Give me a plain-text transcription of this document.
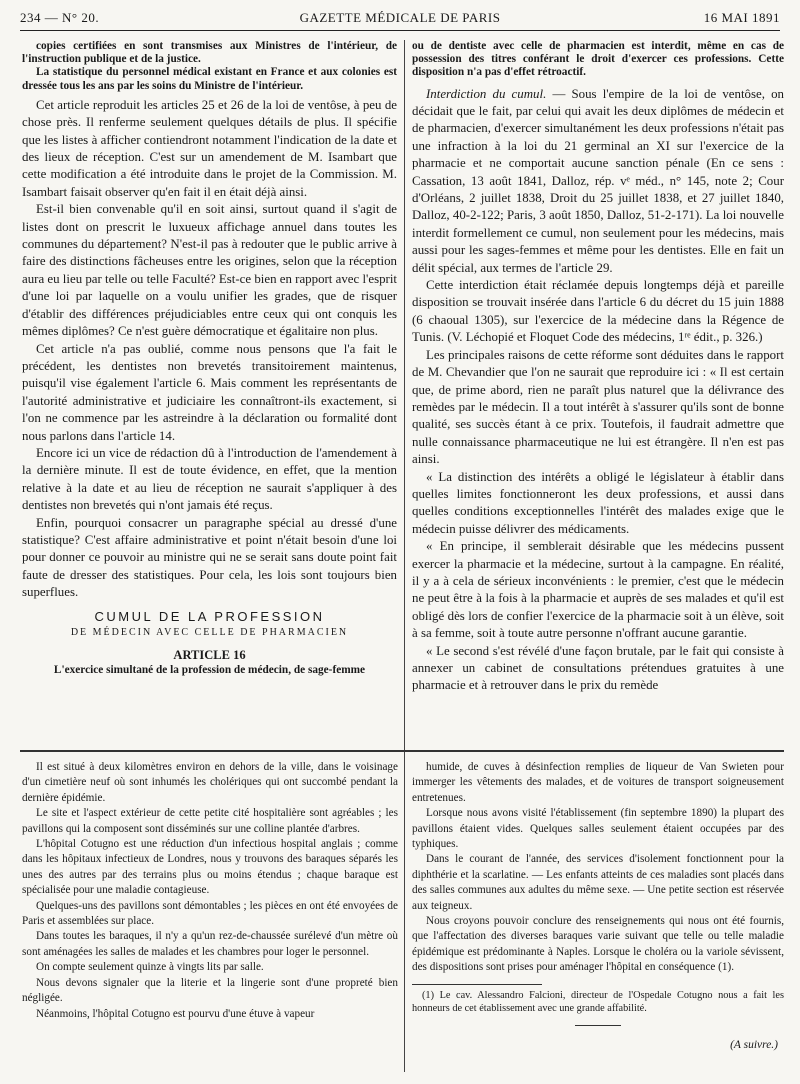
234 — N° 20.	GAZETTE MÉDICALE DE PARIS	16 MAI 1891

copies certifiées en sont transmises aux Ministres de l'intérieur, de l'instruction publique et de la justice.

La statistique du personnel médical existant en France et aux colonies est dressée tous les ans par les soins du Ministre de l'intérieur.

Cet article reproduit les articles 25 et 26 de la loi de ventôse, à peu de chose près. Il renferme seulement quelques détails de plus. Il spécifie que les listes à afficher contiendront notamment l'indication de la date et des lieux de réception. C'est sur un amendement de M. Isambart que cette modification a été introduite dans le projet de la Commission. M. Isambart faisait observer qu'en fait il en était déjà ainsi.

Est-il bien convenable qu'il en soit ainsi, surtout quand il s'agit de listes dont on prescrit le luxueux affichage annuel dans toutes les communes du département? N'est-il pas à redouter que le public arrive à faire des distinctions fâcheuses entre les origines, selon que la réception aura eu lieu par telle ou telle Faculté? Est-ce bien en rapport avec l'esprit d'une loi par laquelle on a voulu unifier les grades, que de risquer d'établir des différences préjudiciables entre ceux qui ont conquis les mêmes diplômes? Ce n'est guère démocratique et égalitaire non plus.

Cet article n'a pas oublié, comme nous pensons que l'a fait le précédent, les dentistes non brevetés transitoirement maintenus, puisqu'il vise également l'article 6. Mais comment les représentants de l'autorité administrative et judiciaire les connaîtront-ils exactement, si l'on ne commence par les astreindre à la déclaration ou formalité dont nous parlons dans l'article 14.

Encore ici un vice de rédaction dû à l'introduction de l'amendement à la dernière minute. Il est de toute évidence, en effet, que la mention relative à la date et au lieu de réception ne saurait s'appliquer à des dentistes non brevetés qui n'ont jamais été reçus.

Enfin, pourquoi consacrer un paragraphe spécial au dressé d'une statistique? C'est affaire administrative et point n'était besoin d'une loi pour donner ce pouvoir au ministre qui ne se serait sans doute point fait faute de dresser des statistiques. Pour cela, les lois sont toujours bien superflues.

CUMUL DE LA PROFESSION
DE MÉDECIN AVEC CELLE DE PHARMACIEN
ARTICLE 16
L'exercice simultané de la profession de médecin, de sage-femme

ou de dentiste avec celle de pharmacien est interdit, même en cas de possession des titres conférant le droit d'exercer ces professions. Cette disposition n'a pas d'effet rétroactif.

Interdiction du cumul. — Sous l'empire de la loi de ventôse, on décidait que le fait, par celui qui avait les deux diplômes de médecin et de pharmacien, d'exercer simultanément les deux professions n'était pas une infraction à la loi du 21 germinal an XI sur l'exercice de la pharmacie et ne comportait aucune sanction pénale (En ce sens : Cassation, 13 août 1841, Dalloz, rép. vᵉ méd., n° 145, note 2; Cour d'Orléans, 2 juillet 1838, Droit du 25 juillet 1838, et 27 juillet 1840, Dalloz, 40-2-122; Paris, 3 août 1850, Dalloz, 51-2-171). La loi nouvelle interdit formellement ce cumul, non seulement pour les médecins, mais aussi pour les sages-femmes et même pour les dentistes. Elle en fait un délit spécial, aux termes de l'article 29.

Cette interdiction était réclamée depuis longtemps déjà et pareille disposition se trouvait insérée dans l'article 6 du décret du 15 juin 1888 (6 chaoual 1305), sur l'exercice de la médecine dans la Régence de Tunis. (V. Léchopié et Floquet Code des médecins, 1ʳᵉ édit., p. 326.)

Les principales raisons de cette réforme sont déduites dans le rapport de M. Chevandier que l'on ne saurait que reproduire ici : « Il est certain que, de prime abord, rien ne paraît plus naturel que la délivrance des remèdes par le médecin. Il a tout intérêt à s'assurer qu'ils sont de bonne qualité, ses succès étant à ce prix. Toutefois, il faudrait admettre que nulle connaissance pharmaceutique ne lui est étrangère. Il n'en est pas ainsi.

« La distinction des intérêts a obligé le législateur à établir dans quelles limites fonctionneront les deux professions, et aussi dans quelles conditions exceptionnelles l'intérêt des malades exige que le médecin puisse délivrer des médicaments.

« En principe, il semblerait désirable que les médecins pussent exercer la pharmacie et la médecine, surtout à la campagne. En réalité, il y a à cela de sérieux inconvénients : le premier, c'est que le médecin ne peut être à la fois à la pharmacie et auprès de ses malades et qu'il est obligé dès lors de confier l'exercice de la pharmacie soit à un élève, soit à sa femme, soit à toute autre personne n'offrant aucune garantie.

« Le second s'est révélé d'une façon brutale, par le fait qui consiste à annexer un cabinet de consultations prétendues gratuites à une pharmacie et à retrouver dans le prix du remède

Il est situé à deux kilomètres environ en dehors de la ville, dans le voisinage d'un cimetière neuf où sont inhumés les cholériques qui ont succombé pendant la dernière épidémie.

Le site et l'aspect extérieur de cette petite cité hospitalière sont agréables ; les pavillons qui la composent sont disséminés sur une colline plantée d'arbres.

L'hôpital Cotugno est une réduction d'un infectious hospital anglais ; comme dans les hôpitaux infectieux de Londres, nous y trouvons des baraques séparés les unes des autres par des terrains plus ou moins étendus ; chaque baraque est spécialisée pour une maladie contagieuse.

Quelques-uns des pavillons sont démontables ; les pièces en ont été envoyées de Paris et assemblées sur place.

Dans toutes les baraques, il n'y a qu'un rez-de-chaussée surélevé d'un mètre où sont aménagées les salles de malades et les chambres pour loger le personnel.

On compte seulement quinze à vingts lits par salle.

Nous devons signaler que la literie et la lingerie sont d'une propreté bien négligée.

Néanmoins, l'hôpital Cotugno est pourvu d'une étuve à vapeur

humide, de cuves à désinfection remplies de liqueur de Van Swieten pour immerger les vêtements des malades, et de voitures de transport soigneusement entretenues.

Lorsque nous avons visité l'établissement (fin septembre 1890) la plupart des pavillons étaient vides. Quelques salles seulement étaient occupées par des typhiques.

Dans le courant de l'année, des services d'isolement fonctionnent pour la diphthérie et la scarlatine. — Les enfants atteints de ces maladies sont placés dans des salles communes aux adultes du même sexe. — Une petite section est réservée aux teigneux.

Nous croyons pouvoir conclure des renseignements qui nous ont été fournis, que l'affectation des diverses baraques varie suivant que telle ou telle maladie épidémique est prédominante à Naples. Lorsque le choléra ou la variole sévissent, des dispositions sont prises pour aménager l'hôpital en conséquence (1).

(1) Le cav. Alessandro Falcioni, directeur de l'Ospedale Cotugno nous a fait les honneurs de cet établissement avec une grande affabilité.

(A suivre.)
